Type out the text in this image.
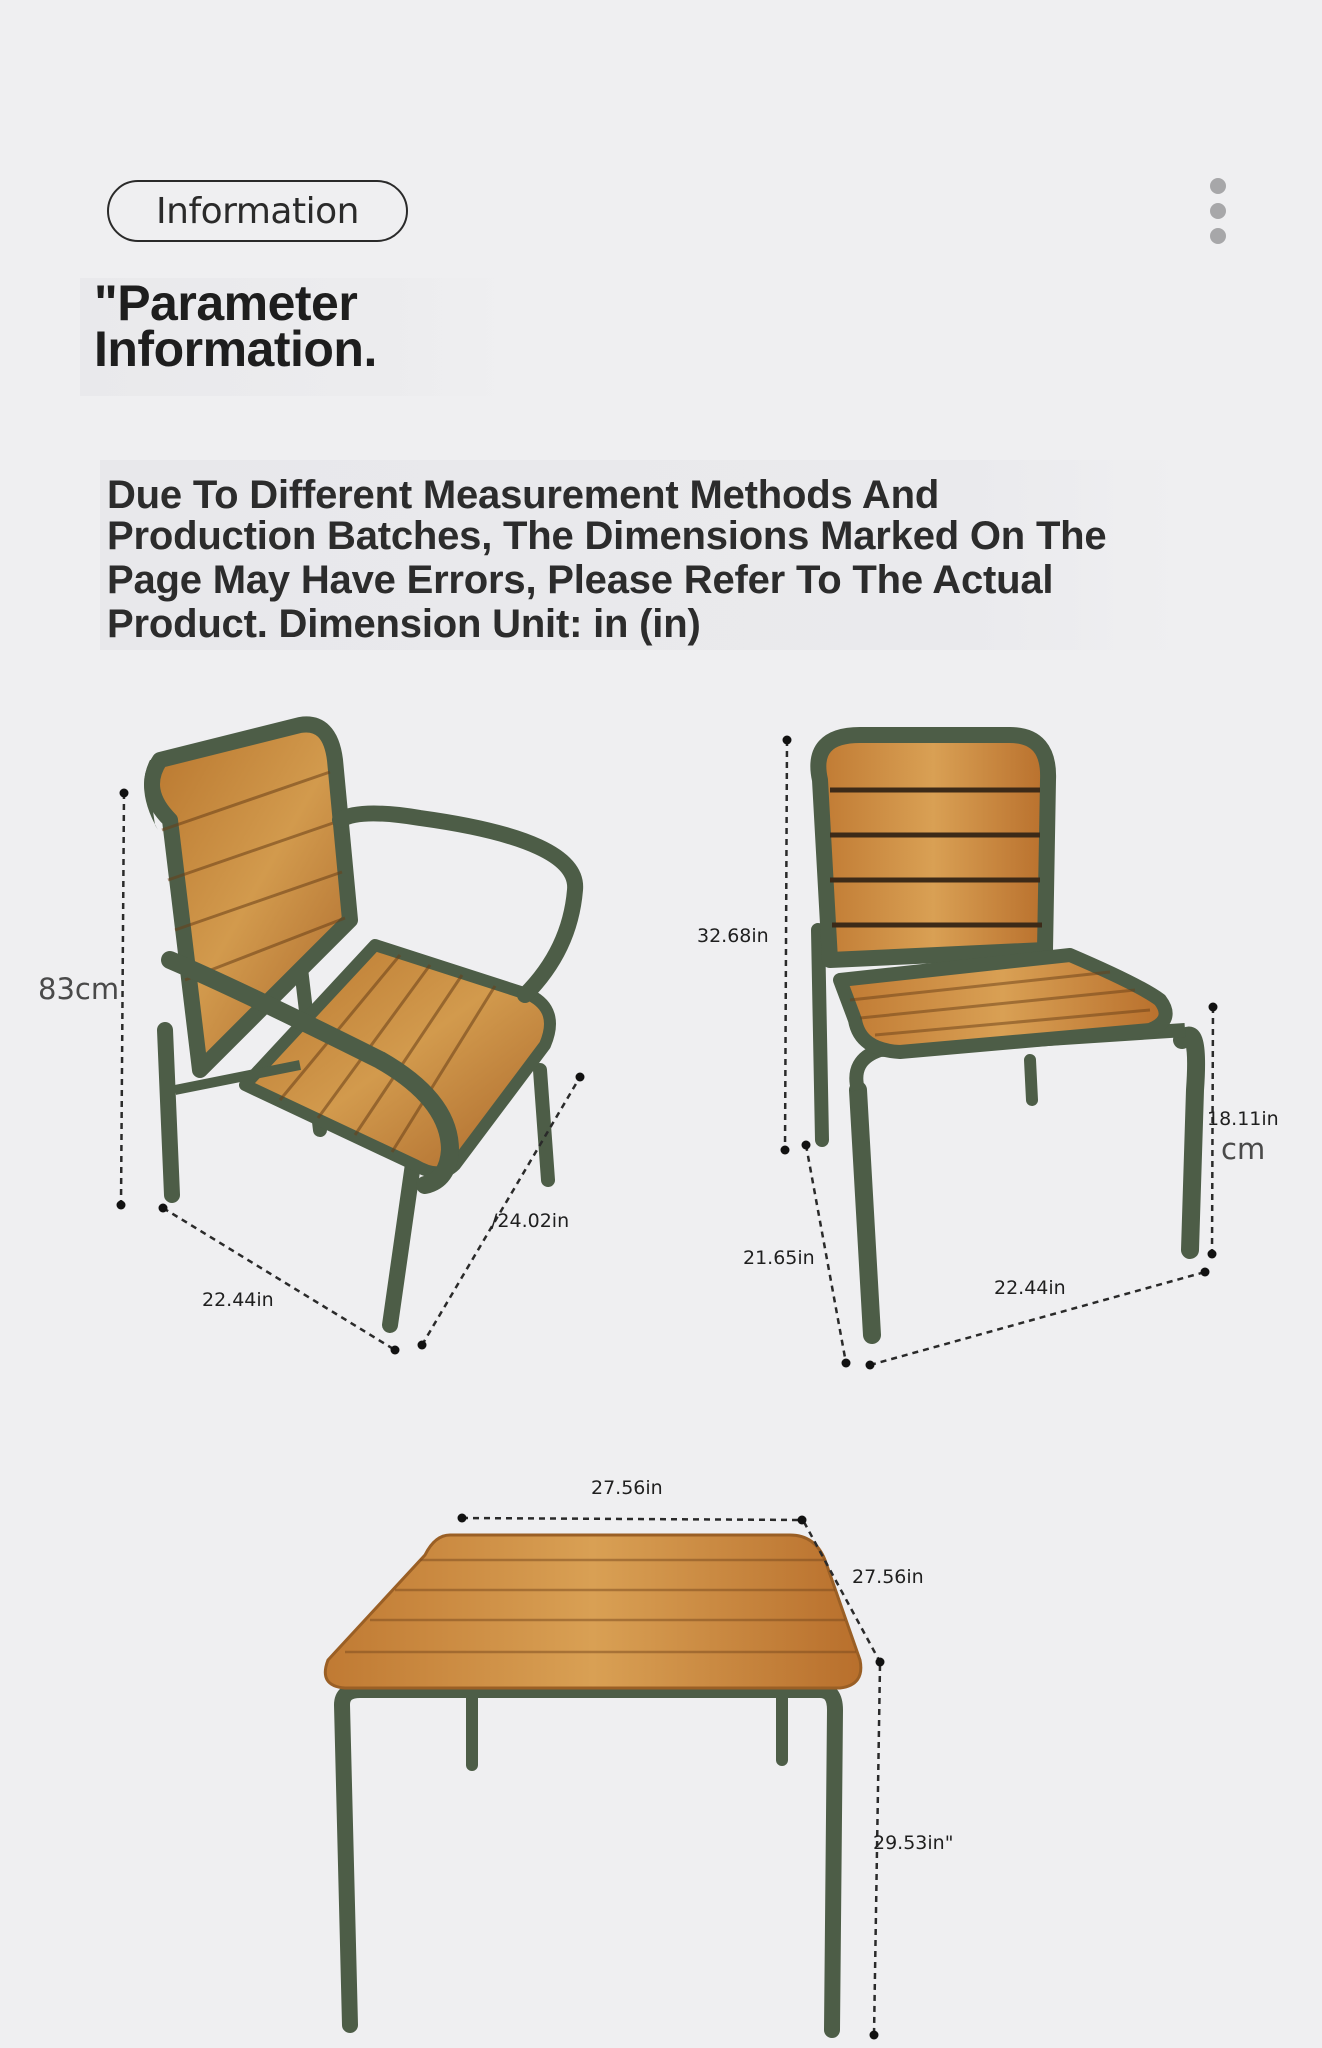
Information
"Parameter
Information.
Due To Different Measurement Methods And
Production Batches, The Dimensions Marked On The
Page May Have Errors, Please Refer To The Actual
Product. Dimension Unit: in (in)
83cm
/24.02in
22.44in
32.68in
18.11in
cm
21.65in
22.44in
27.56in
27.56in
29.53in"
